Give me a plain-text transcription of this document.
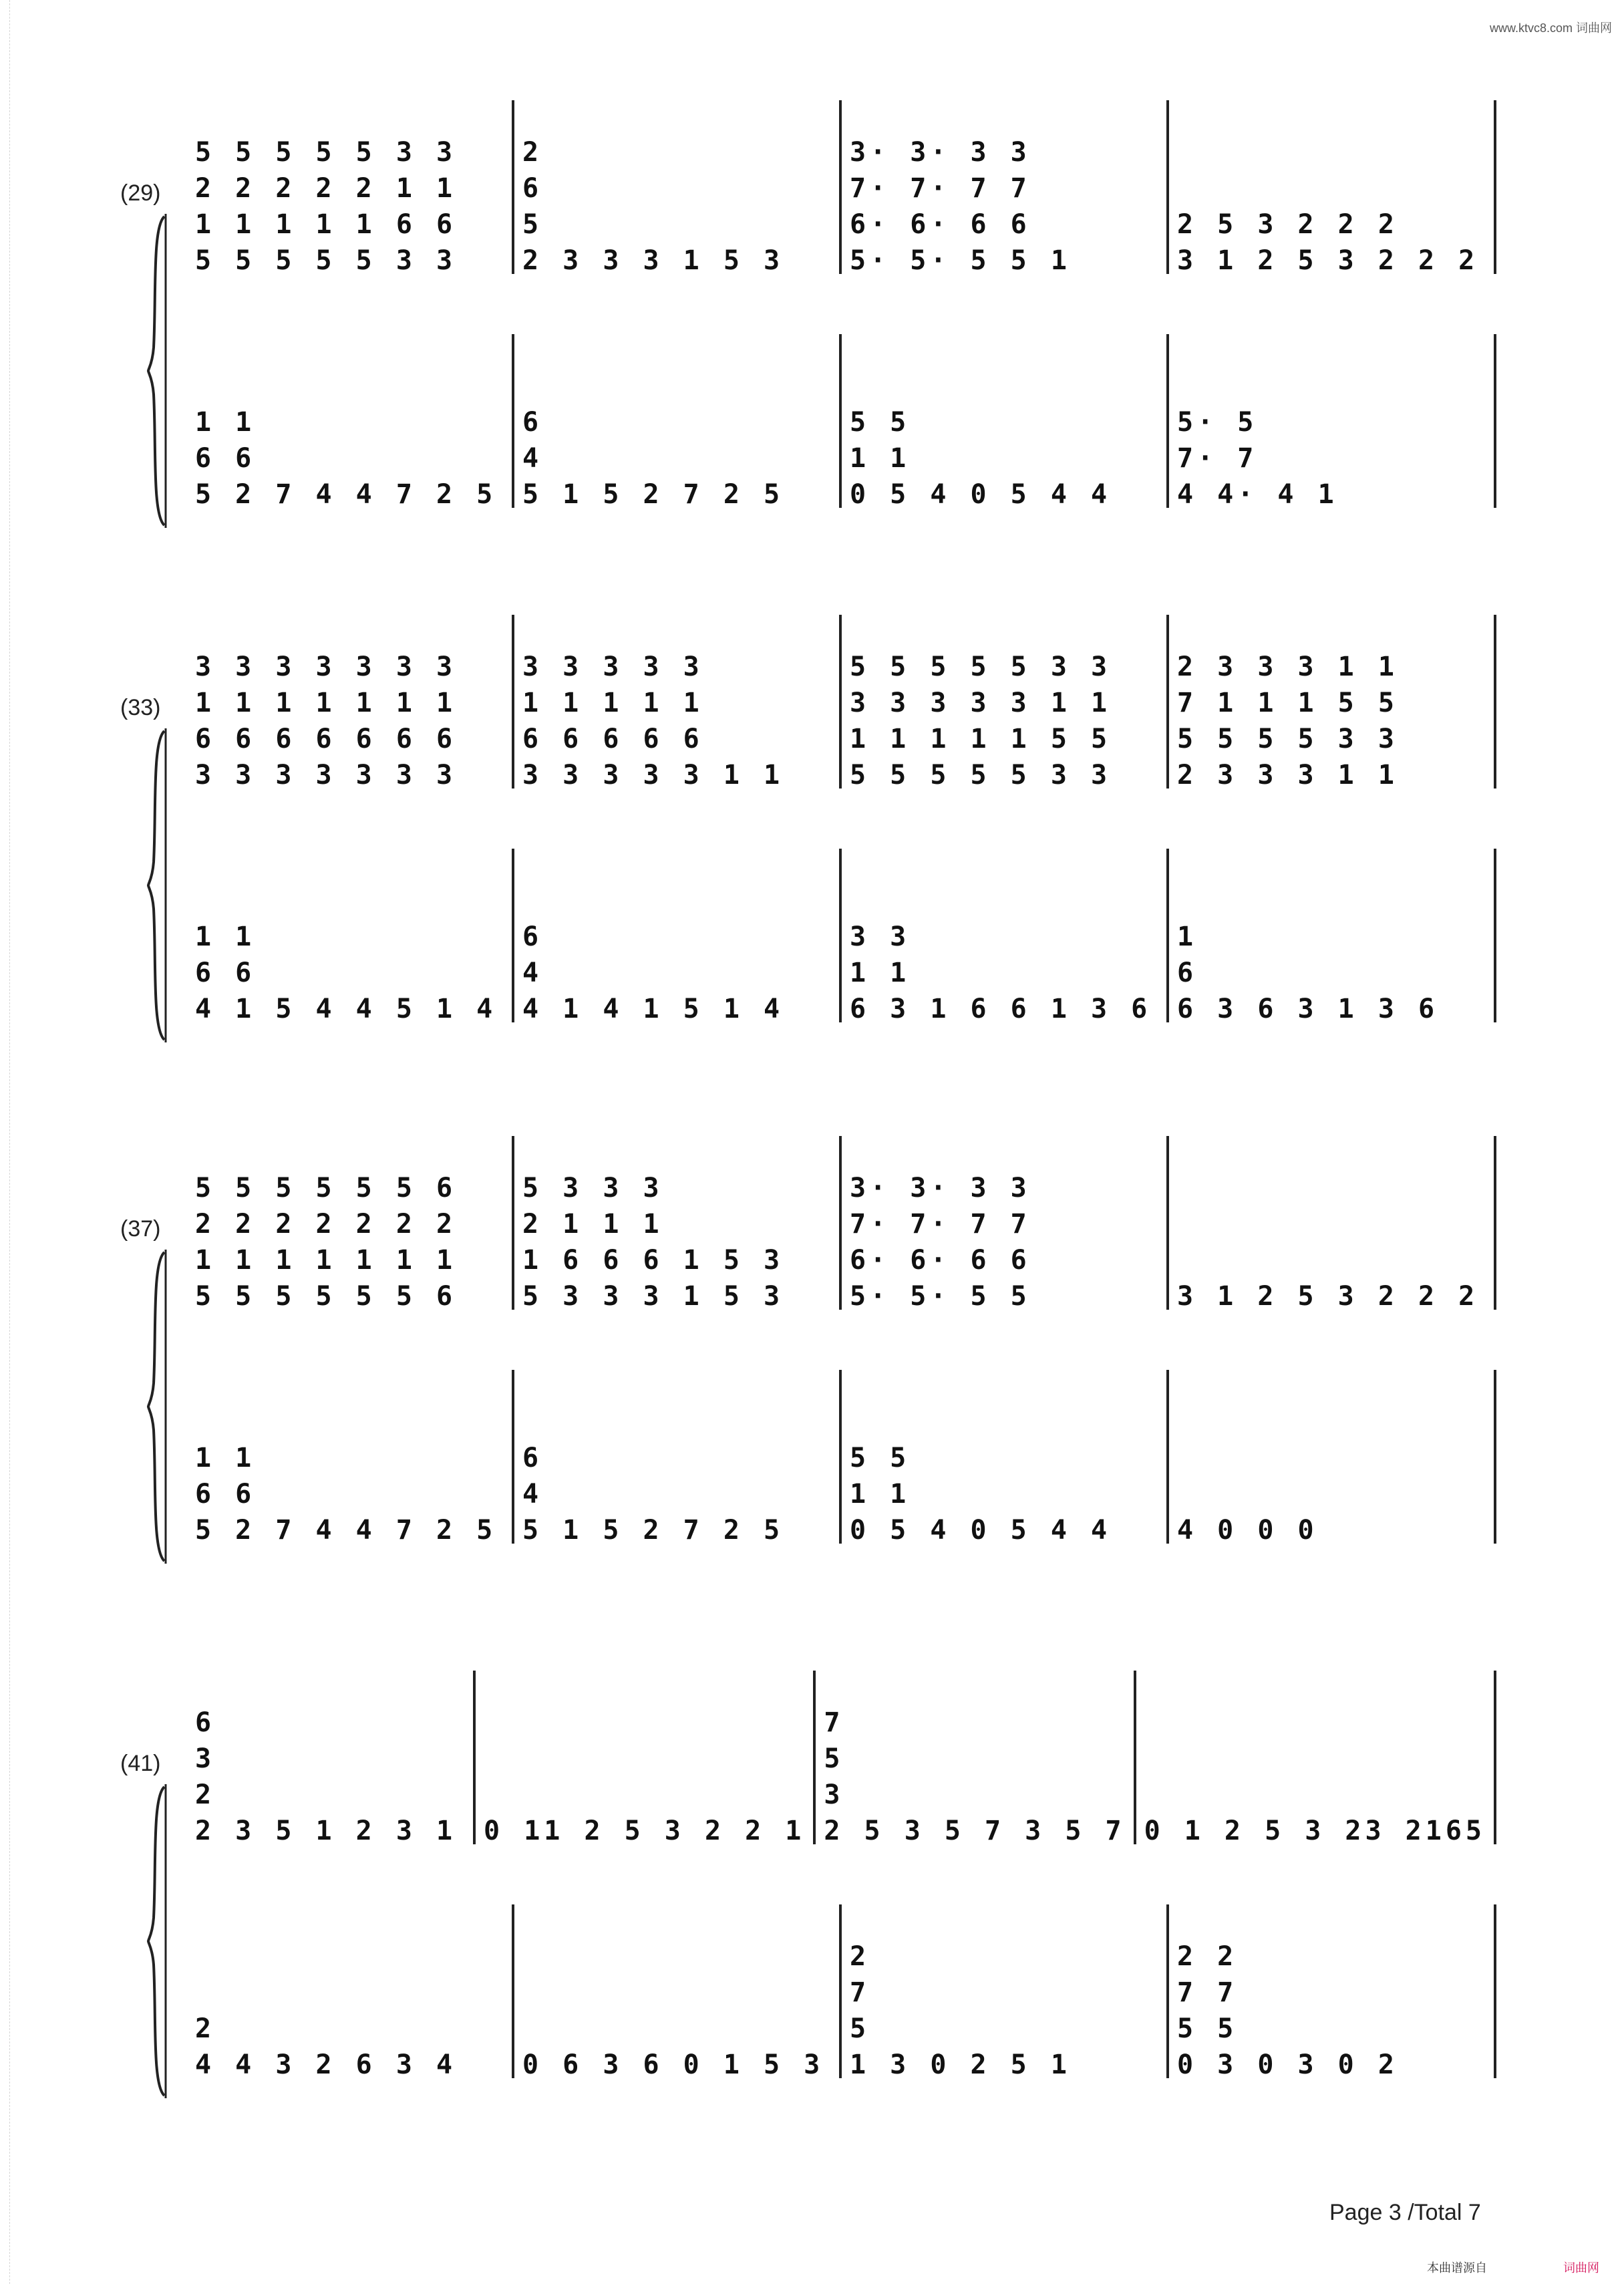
www.ktvc8.com 词曲网
(29)
5 5 5 5 5 3 3
2 2 2 2 2 1 1
1 1 1 1 1 6 6
5 5 5 5 5 3 3
2
6
5
2 3 3 3 1 5 3
3· 3· 3 3
7· 7· 7 7
6· 6· 6 6
5· 5· 5 5 1
2 5 3 2 2 2
3 1 2 5 3 2 2 2
1 1
6 6
5 2 7 4 4 7 2 5
6
4
5 1 5 2 7 2 5
5 5
1 1
0 5 4 0 5 4 4
5· 5
7· 7
4 4· 4 1
(33)
3 3 3 3 3 3 3
1 1 1 1 1 1 1
6 6 6 6 6 6 6
3 3 3 3 3 3 3
3 3 3 3 3
1 1 1 1 1
6 6 6 6 6
3 3 3 3 3 1 1
5 5 5 5 5 3 3
3 3 3 3 3 1 1
1 1 1 1 1 5 5
5 5 5 5 5 3 3
2 3 3 3 1 1
7 1 1 1 5 5
5 5 5 5 3 3
2 3 3 3 1 1
1 1
6 6
4 1 5 4 4 5 1 4
6
4
4 1 4 1 5 1 4
3 3
1 1
6 3 1 6 6 1 3 6
1
6
6 3 6 3 1 3 6
(37)
5 5 5 5 5 5 6
2 2 2 2 2 2 2
1 1 1 1 1 1 1
5 5 5 5 5 5 6
5 3 3 3
2 1 1 1
1 6 6 6 1 5 3
5 3 3 3 1 5 3
3· 3· 3 3
7· 7· 7 7
6· 6· 6 6
5· 5· 5 5	3 1 2 5 3 2 2 2
1 1
6 6
5 2 7 4 4 7 2 5
6
4
5 1 5 2 7 2 5
5 5
1 1
0 5 4 0 5 4 4 4 0 0 0
(41)
6
3
2
2 3 5 1 2 3 1 0 11 2 5 3 2 2 1
7
5
3
2 5 3 5 7 3 5 7 0 1 2 5 3 23 2165
2
4 4 3 2 6 3 4 0 6 3 6 0 1 5 3
2
7
5
1 3 0 2 5 1
2 2
7 7
5 5
0 3 0 3 0 2
Page 3 /Total 7
本曲谱源自	词曲网
